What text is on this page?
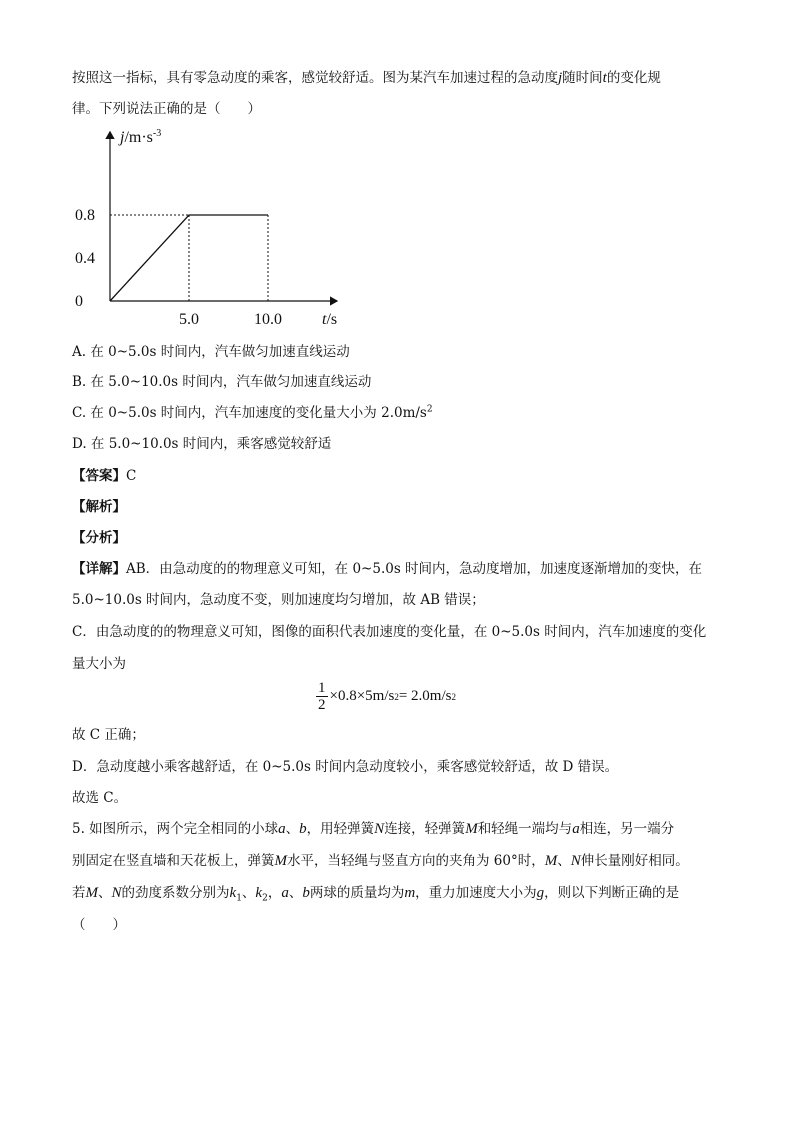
按照这一指标，具有零急动度的乘客，感觉较舒适。图为某汽车加速过程的急动度j随时间t的变化规
律。下列说法正确的是（　　）
0
0.4
0.8
5.0	10.0
$j/m\cdot s^{-3}$
t/s
A. 在 0~5.0s 时间内，汽车做匀加速直线运动
B. 在 5.0~10.0s 时间内，汽车做匀加速直线运动
C. 在 0~5.0s 时间内，汽车加速度的变化量大小为 $2.0m/s^2$
D. 在 5.0~10.0s 时间内，乘客感觉较舒适
【答案】C
【解析】
【分析】
【详解】AB．由急动度的的物理意义可知，在 0~5.0s 时间内，急动度增加，加速度逐渐增加的变快，在
5.0~10.0s 时间内，急动度不变，则加速度均匀增加，故 AB 错误；
C．由急动度的的物理意义可知，图像的面积代表加速度的变化量，在 0~5.0s 时间内，汽车加速度的变化
量大小为
$\frac{1}{2} \times 0.8\times 5m/s$ 2 = 2.0m/s 2
故 C 正确；
D．急动度越小乘客越舒适，在 0~5.0s 时间内急动度较小，乘客感觉较舒适，故 D 错误。
故选 C。
5. 如图所示，两个完全相同的小球a、b，用轻弹簧N连接，轻弹簧M和轻绳一端均与a相连，另一端分
别固定在竖直墙和天花板上，弹簧M水平，当轻绳与竖直方向的夹角为 60°时，M、N伸长量刚好相同。
若M、N的劲度系数分别为$k_1$、$k_2$，a、b两球的质量均为m，重力加速度大小为g，则以下判断正确的是
（　　）
